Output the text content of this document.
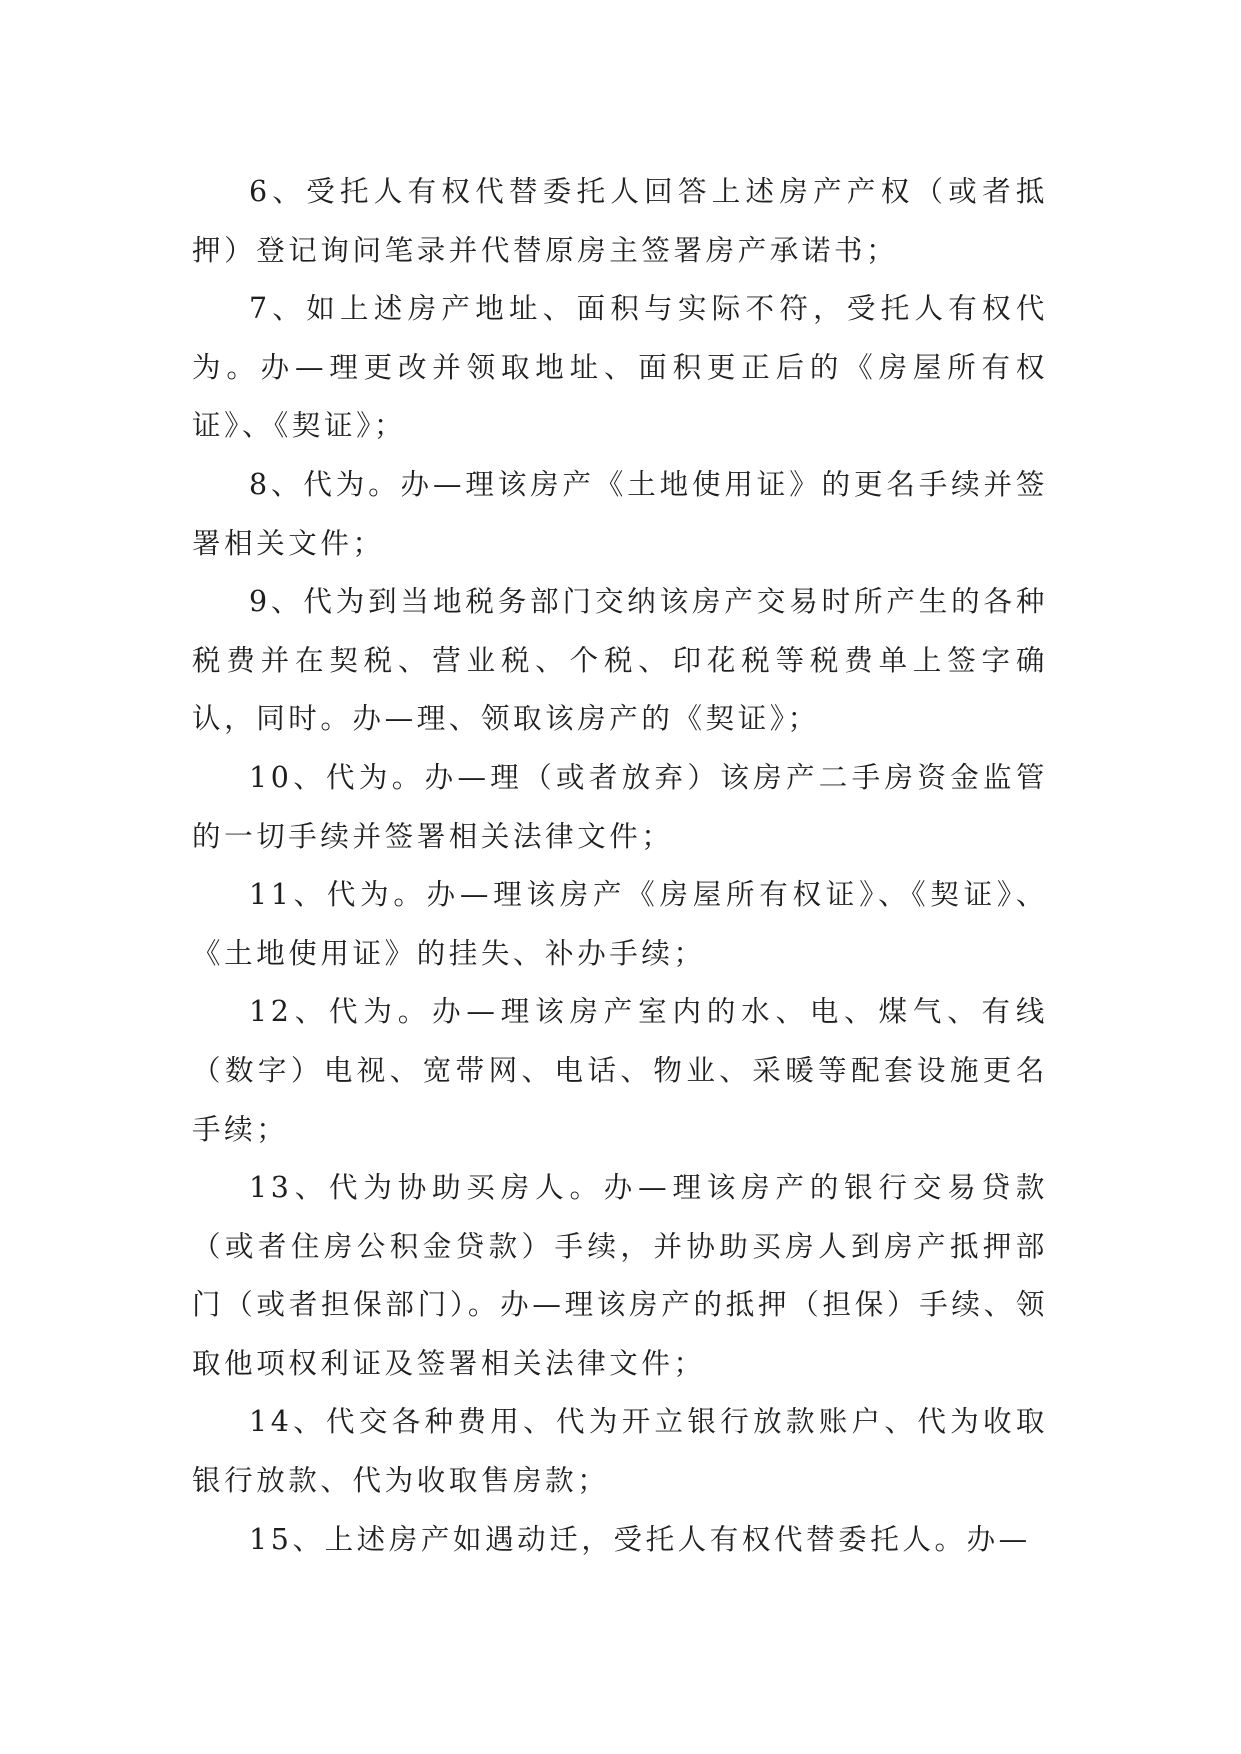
6、受托人有权代替委托人回答上述房产产权（或者抵押）登记询问笔录并代替原房主签署房产承诺书；

7、如上述房产地址、面积与实际不符，受托人有权代为。办—理更改并领取地址、面积更正后的《房屋所有权证》、《契证》；

8、代为。办—理该房产《土地使用证》的更名手续并签署相关文件；

9、代为到当地税务部门交纳该房产交易时所产生的各种税费并在契税、营业税、个税、印花税等税费单上签字确认，同时。办—理、领取该房产的《契证》；

10、代为。办—理（或者放弃）该房产二手房资金监管的一切手续并签署相关法律文件；

11、代为。办—理该房产《房屋所有权证》、《契证》、《土地使用证》的挂失、补办手续；

12、代为。办—理该房产室内的水、电、煤气、有线（数字）电视、宽带网、电话、物业、采暖等配套设施更名手续；

13、代为协助买房人。办—理该房产的银行交易贷款（或者住房公积金贷款）手续，并协助买房人到房产抵押部门（或者担保部门）。办—理该房产的抵押（担保）手续、领取他项权利证及签署相关法律文件；

14、代交各种费用、代为开立银行放款账户、代为收取银行放款、代为收取售房款；

15、上述房产如遇动迁，受托人有权代替委托人。办—
